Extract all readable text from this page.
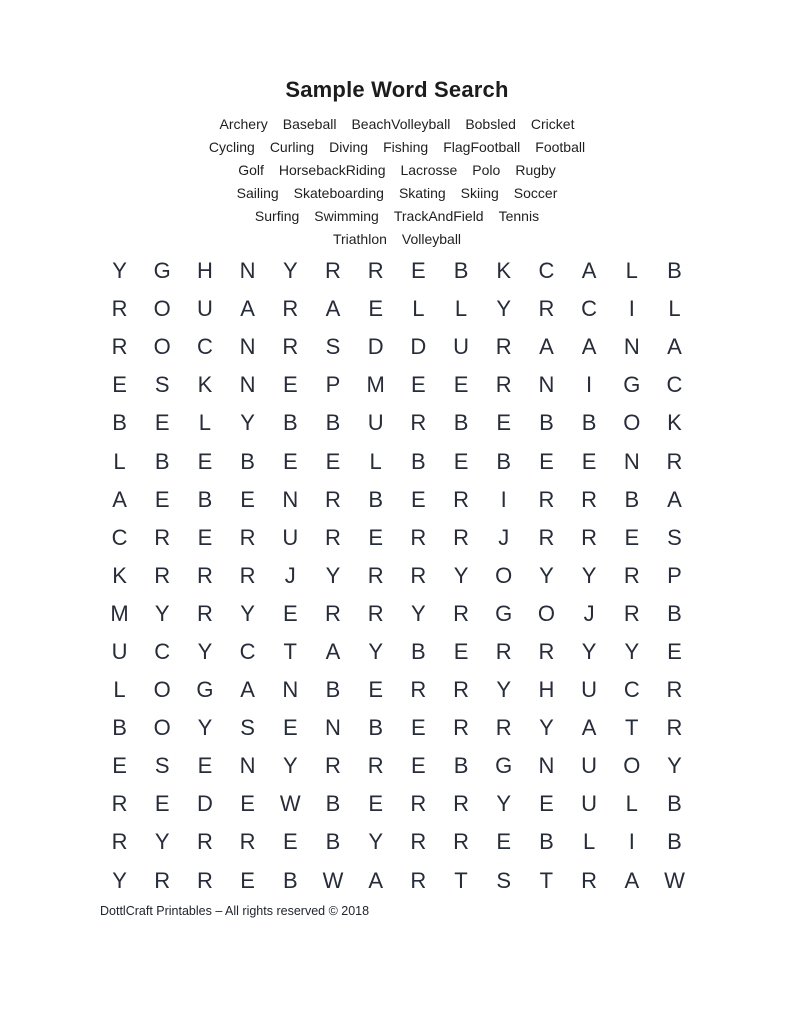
Sample Word Search
Archery Baseball BeachVolleyball Bobsled Cricket
Cycling Curling Diving Fishing FlagFootball Football
Golf HorsebackRiding Lacrosse Polo Rugby
Sailing Skateboarding Skating Skiing Soccer
Surfing Swimming TrackAndField Tennis
Triathlon Volleyball
Y	G	H	N	Y	R	R	E	B	K	C	A	L	B
R	O	U	A	R	A	E	L	L	Y	R	C	I	L
R	O	C	N	R	S	D	D	U	R	A	A	N	A
E	S	K	N	E	P	M	E	E	R	N	I	G	C
B	E	L	Y	B	B	U	R	B	E	B	B	O	K
L	B	E	B	E	E	L	B	E	B	E	E	N	R
A	E	B	E	N	R	B	E	R	I	R	R	B	A
C	R	E	R	U	R	E	R	R	J	R	R	E	S
K	R	R	R	J	Y	R	R	Y	O	Y	Y	R	P
M	Y	R	Y	E	R	R	Y	R	G	O	J	R	B
U	C	Y	C	T	A	Y	B	E	R	R	Y	Y	E
L	O	G	A	N	B	E	R	R	Y	H	U	C	R
B	O	Y	S	E	N	B	E	R	R	Y	A	T	R
E	S	E	N	Y	R	R	E	B	G	N	U	O	Y
R	E	D	E	W	B	E	R	R	Y	E	U	L	B
R	Y	R	R	E	B	Y	R	R	E	B	L	I	B
Y	R	R	E	B	W	A	R	T	S	T	R	A	W
DottlCraft Printables – All rights reserved © 2018
